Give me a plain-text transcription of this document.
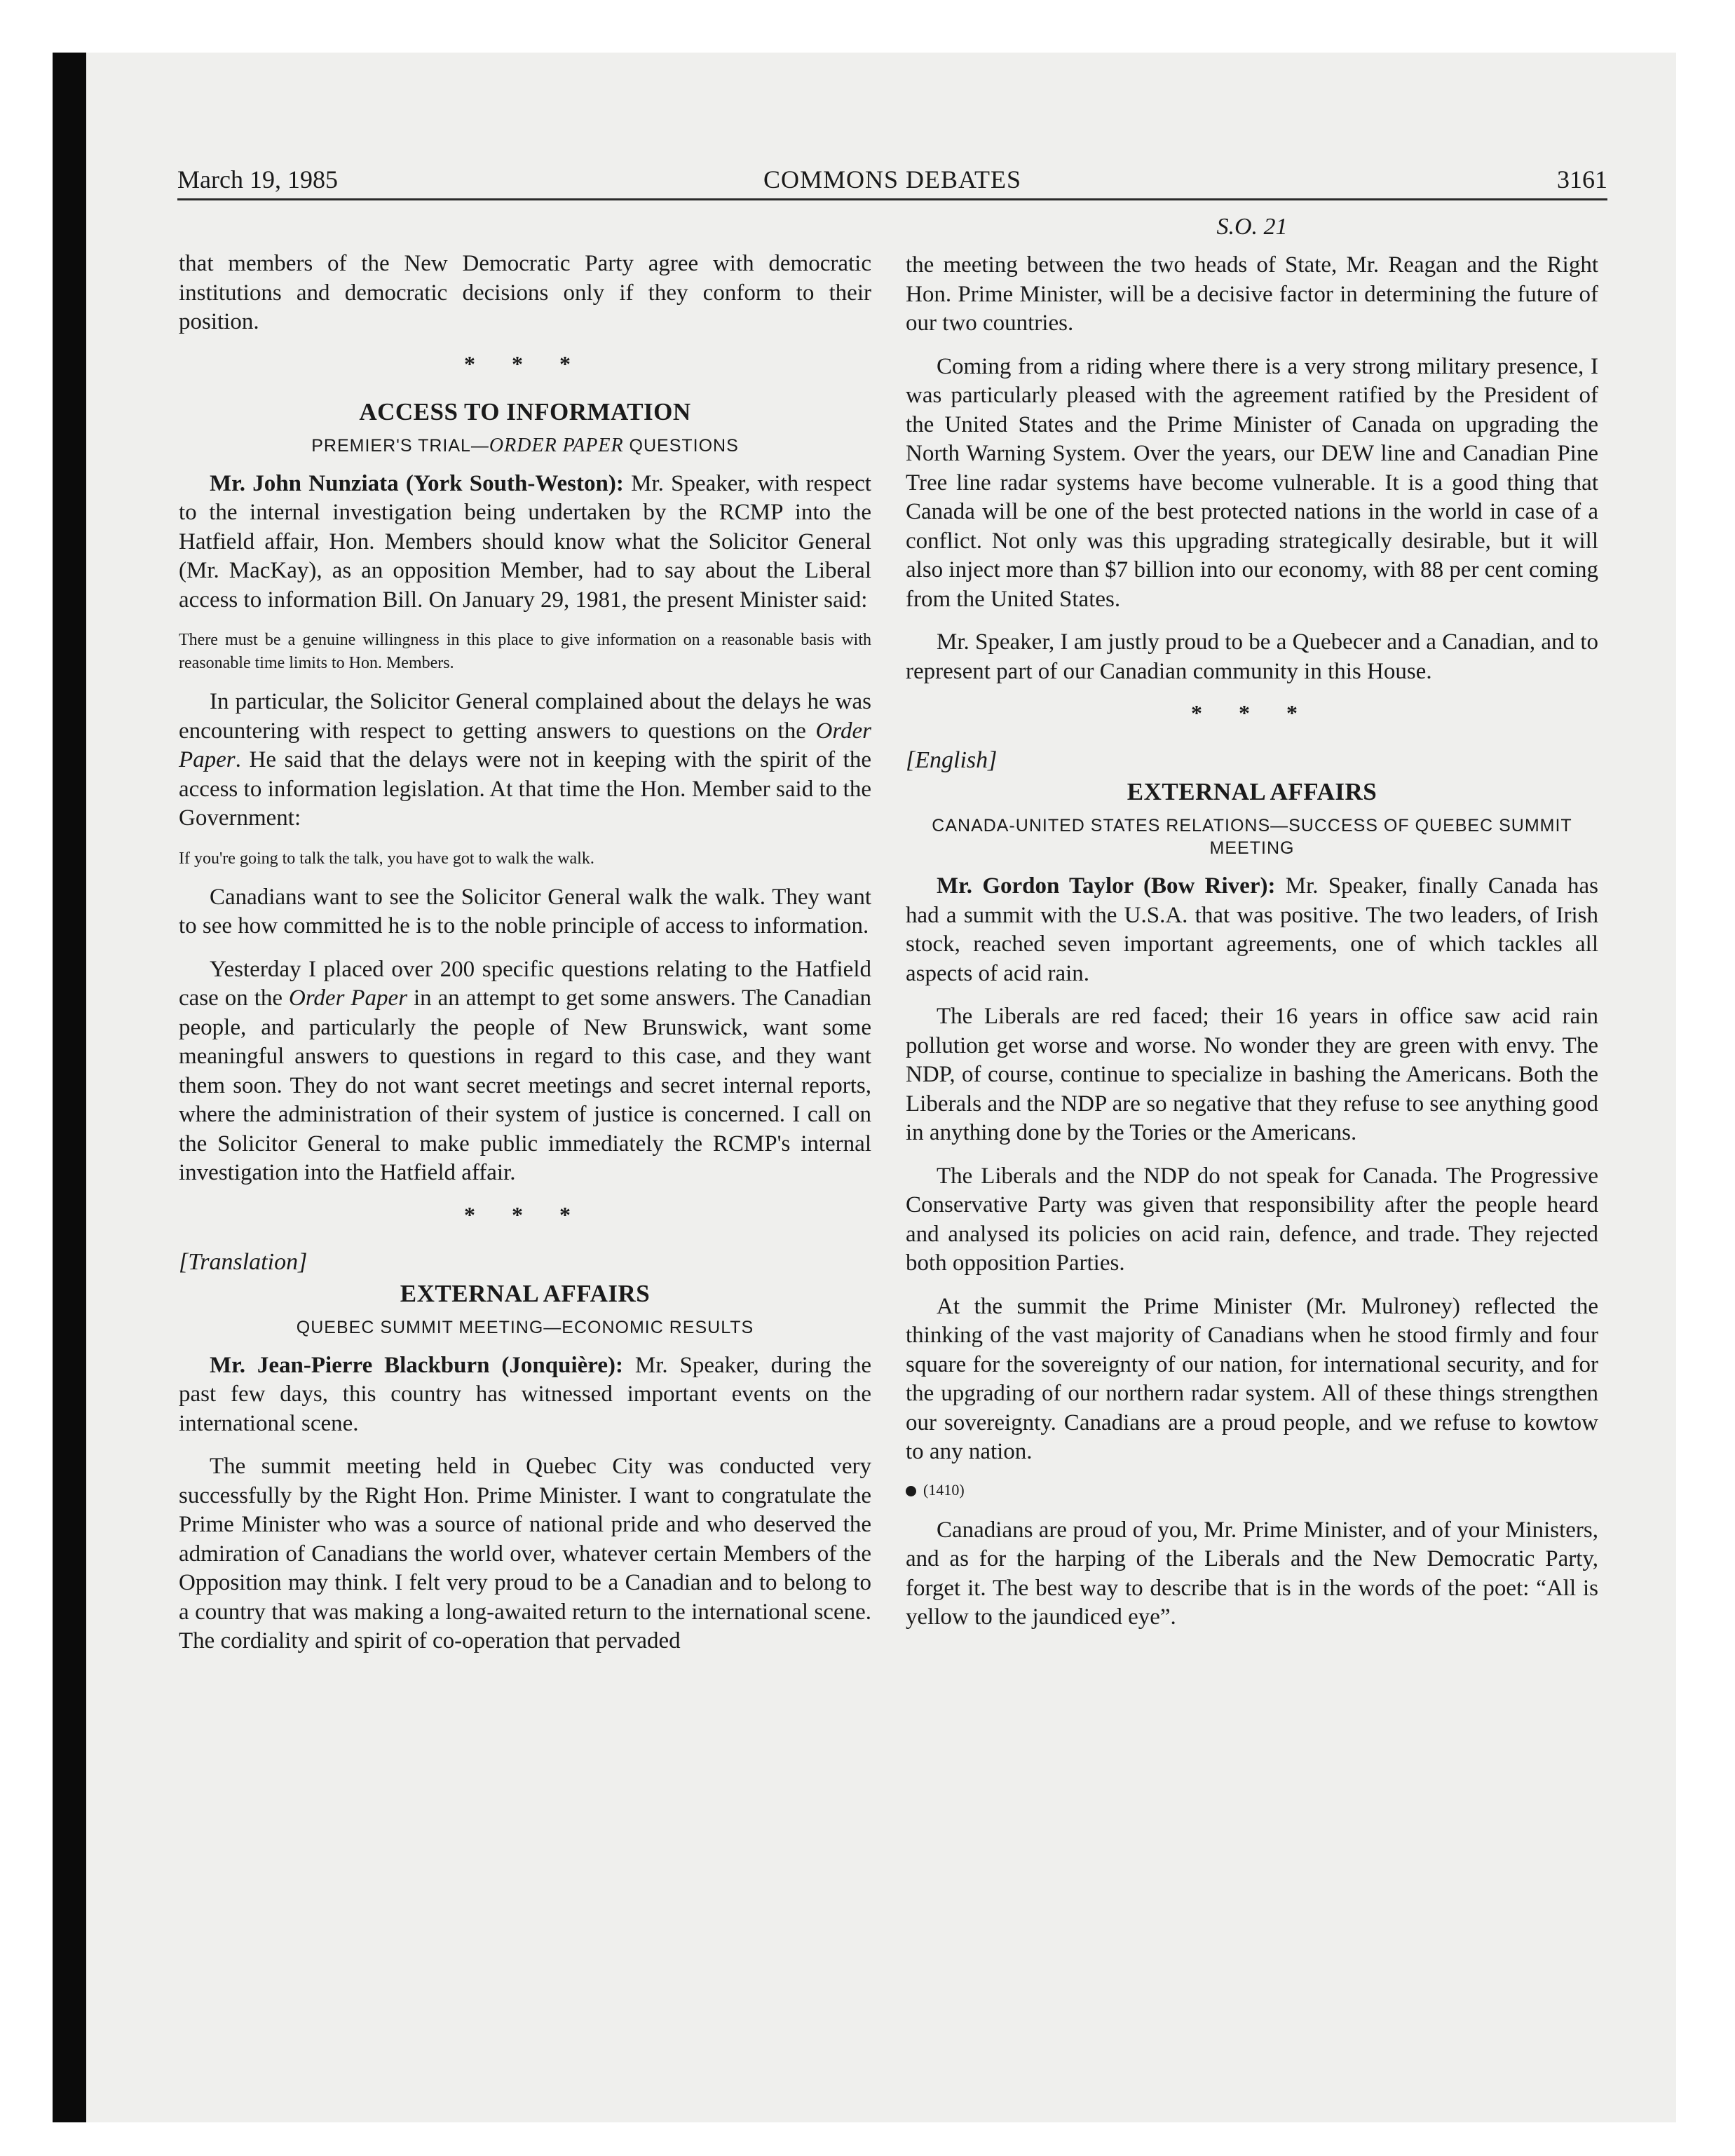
March 19, 1985	COMMONS DEBATES	3161

that members of the New Democratic Party agree with democratic institutions and democratic decisions only if they conform to their position.

* * *
ACCESS TO INFORMATION
PREMIER'S TRIAL—ORDER PAPER QUESTIONS

Mr. John Nunziata (York South-Weston): Mr. Speaker, with respect to the internal investigation being undertaken by the RCMP into the Hatfield affair, Hon. Members should know what the Solicitor General (Mr. MacKay), as an opposition Member, had to say about the Liberal access to information Bill. On January 29, 1981, the present Minister said:

There must be a genuine willingness in this place to give information on a reasonable basis with reasonable time limits to Hon. Members.

In particular, the Solicitor General complained about the delays he was encountering with respect to getting answers to questions on the Order Paper. He said that the delays were not in keeping with the spirit of the access to information legislation. At that time the Hon. Member said to the Government:

If you're going to talk the talk, you have got to walk the walk.

Canadians want to see the Solicitor General walk the walk. They want to see how committed he is to the noble principle of access to information.

Yesterday I placed over 200 specific questions relating to the Hatfield case on the Order Paper in an attempt to get some answers. The Canadian people, and particularly the people of New Brunswick, want some meaningful answers to questions in regard to this case, and they want them soon. They do not want secret meetings and secret internal reports, where the administration of their system of justice is concerned. I call on the Solicitor General to make public immediately the RCMP's internal investigation into the Hatfield affair.

* * *
[Translation]
EXTERNAL AFFAIRS
QUEBEC SUMMIT MEETING—ECONOMIC RESULTS

Mr. Jean-Pierre Blackburn (Jonquière): Mr. Speaker, during the past few days, this country has witnessed important events on the international scene.

The summit meeting held in Quebec City was conducted very successfully by the Right Hon. Prime Minister. I want to congratulate the Prime Minister who was a source of national pride and who deserved the admiration of Canadians the world over, whatever certain Members of the Opposition may think. I felt very proud to be a Canadian and to belong to a country that was making a long-awaited return to the international scene. The cordiality and spirit of co-operation that pervaded

S.O. 21

the meeting between the two heads of State, Mr. Reagan and the Right Hon. Prime Minister, will be a decisive factor in determining the future of our two countries.

Coming from a riding where there is a very strong military presence, I was particularly pleased with the agreement ratified by the President of the United States and the Prime Minister of Canada on upgrading the North Warning System. Over the years, our DEW line and Canadian Pine Tree line radar systems have become vulnerable. It is a good thing that Canada will be one of the best protected nations in the world in case of a conflict. Not only was this upgrading strategically desirable, but it will also inject more than $7 billion into our economy, with 88 per cent coming from the United States.

Mr. Speaker, I am justly proud to be a Quebecer and a Canadian, and to represent part of our Canadian community in this House.

* * *
[English]
EXTERNAL AFFAIRS
CANADA-UNITED STATES RELATIONS—SUCCESS OF QUEBEC SUMMIT MEETING

Mr. Gordon Taylor (Bow River): Mr. Speaker, finally Canada has had a summit with the U.S.A. that was positive. The two leaders, of Irish stock, reached seven important agreements, one of which tackles all aspects of acid rain.

The Liberals are red faced; their 16 years in office saw acid rain pollution get worse and worse. No wonder they are green with envy. The NDP, of course, continue to specialize in bashing the Americans. Both the Liberals and the NDP are so negative that they refuse to see anything good in anything done by the Tories or the Americans.

The Liberals and the NDP do not speak for Canada. The Progressive Conservative Party was given that responsibility after the people heard and analysed its policies on acid rain, defence, and trade. They rejected both opposition Parties.

At the summit the Prime Minister (Mr. Mulroney) reflected the thinking of the vast majority of Canadians when he stood firmly and four square for the sovereignty of our nation, for international security, and for the upgrading of our northern radar system. All of these things strengthen our sovereignty. Canadians are a proud people, and we refuse to kowtow to any nation.

(1410)

Canadians are proud of you, Mr. Prime Minister, and of your Ministers, and as for the harping of the Liberals and the New Democratic Party, forget it. The best way to describe that is in the words of the poet: “All is yellow to the jaundiced eye”.
